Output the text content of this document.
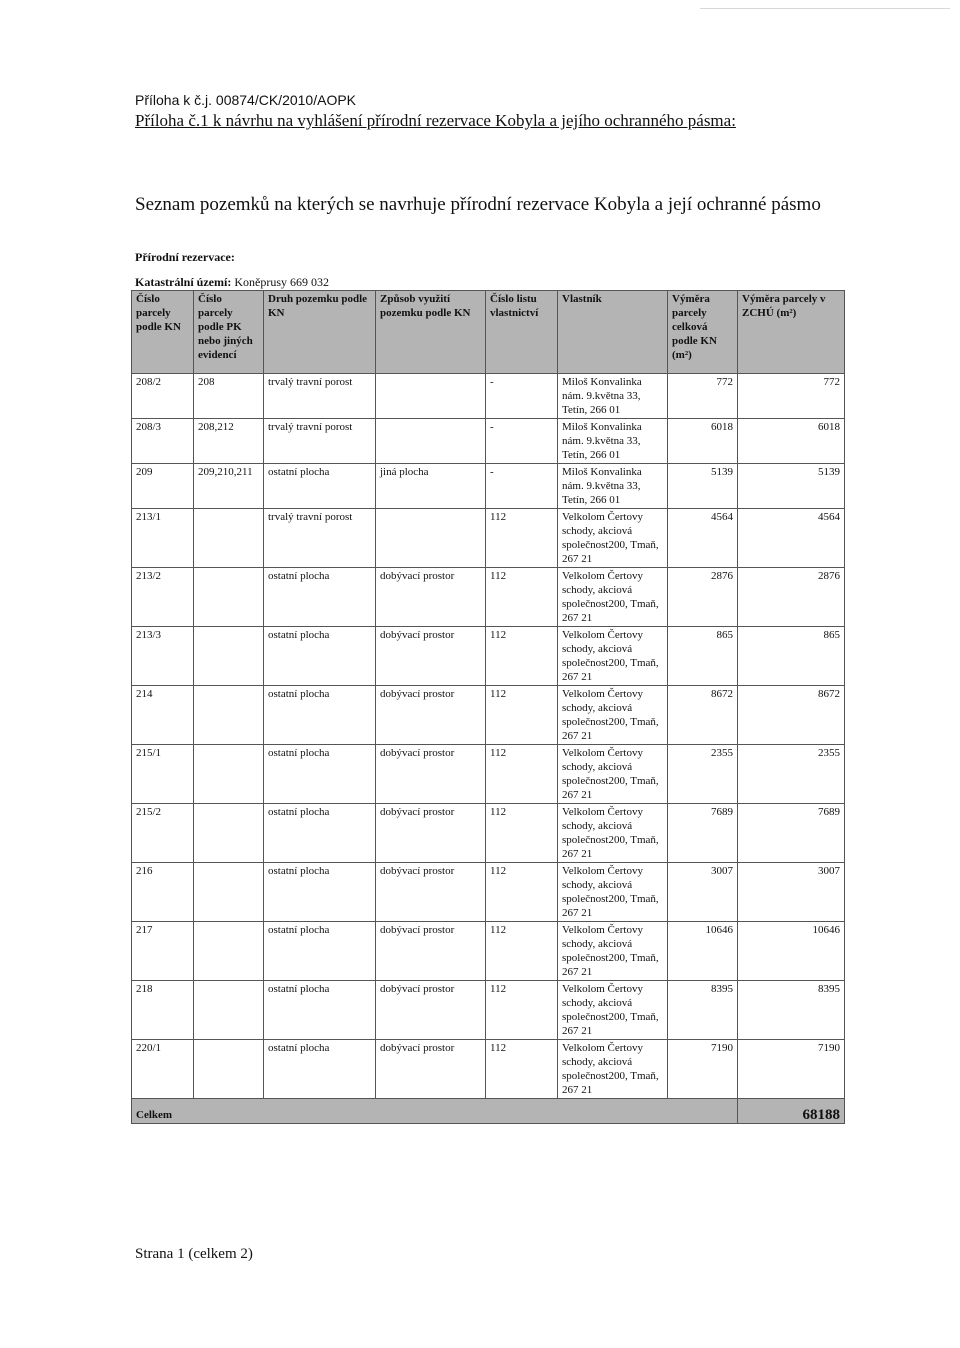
Příloha k č.j. 00874/CK/2010/AOPK
Příloha č.1 k návrhu na vyhlášení přírodní rezervace Kobyla a jejího ochranného pásma:
Seznam pozemků na kterých se navrhuje přírodní rezervace Kobyla a její ochranné pásmo
Přírodní rezervace:
Katastrální území: Koněprusy 669 032
Číslo parcely podle KN	Číslo parcely podle PK nebo jiných evidencí	Druh pozemku podle KN	Způsob využití pozemku podle KN	Číslo listu vlastnictví	Vlastník	Výměra parcely celková podle KN (m²)	Výměra parcely v ZCHÚ (m²)
208/2	208	trvalý travní porost		-	Miloš Konvalinka nám. 9.května 33, Tetín, 266 01	772	772
208/3	208,212	trvalý travní porost		-	Miloš Konvalinka nám. 9.května 33, Tetín, 266 01	6018	6018
209	209,210,211	ostatní plocha	jiná plocha	-	Miloš Konvalinka nám. 9.května 33, Tetín, 266 01	5139	5139
213/1		trvalý travní porost		112	Velkolom Čertovy schody, akciová společnost200, Tmaň, 267 21	4564	4564
213/2		ostatní plocha	dobývací prostor	112	Velkolom Čertovy schody, akciová společnost200, Tmaň, 267 21	2876	2876
213/3		ostatní plocha	dobývací prostor	112	Velkolom Čertovy schody, akciová společnost200, Tmaň, 267 21	865	865
214		ostatní plocha	dobývací prostor	112	Velkolom Čertovy schody, akciová společnost200, Tmaň, 267 21	8672	8672
215/1		ostatní plocha	dobývací prostor	112	Velkolom Čertovy schody, akciová společnost200, Tmaň, 267 21	2355	2355
215/2		ostatní plocha	dobývací prostor	112	Velkolom Čertovy schody, akciová společnost200, Tmaň, 267 21	7689	7689
216		ostatní plocha	dobývací prostor	112	Velkolom Čertovy schody, akciová společnost200, Tmaň, 267 21	3007	3007
217		ostatní plocha	dobývací prostor	112	Velkolom Čertovy schody, akciová společnost200, Tmaň, 267 21	10646	10646
218		ostatní plocha	dobývací prostor	112	Velkolom Čertovy schody, akciová společnost200, Tmaň, 267 21	8395	8395
220/1		ostatní plocha	dobývací prostor	112	Velkolom Čertovy schody, akciová společnost200, Tmaň, 267 21	7190	7190
Celkem							68188
Strana 1 (celkem 2)
